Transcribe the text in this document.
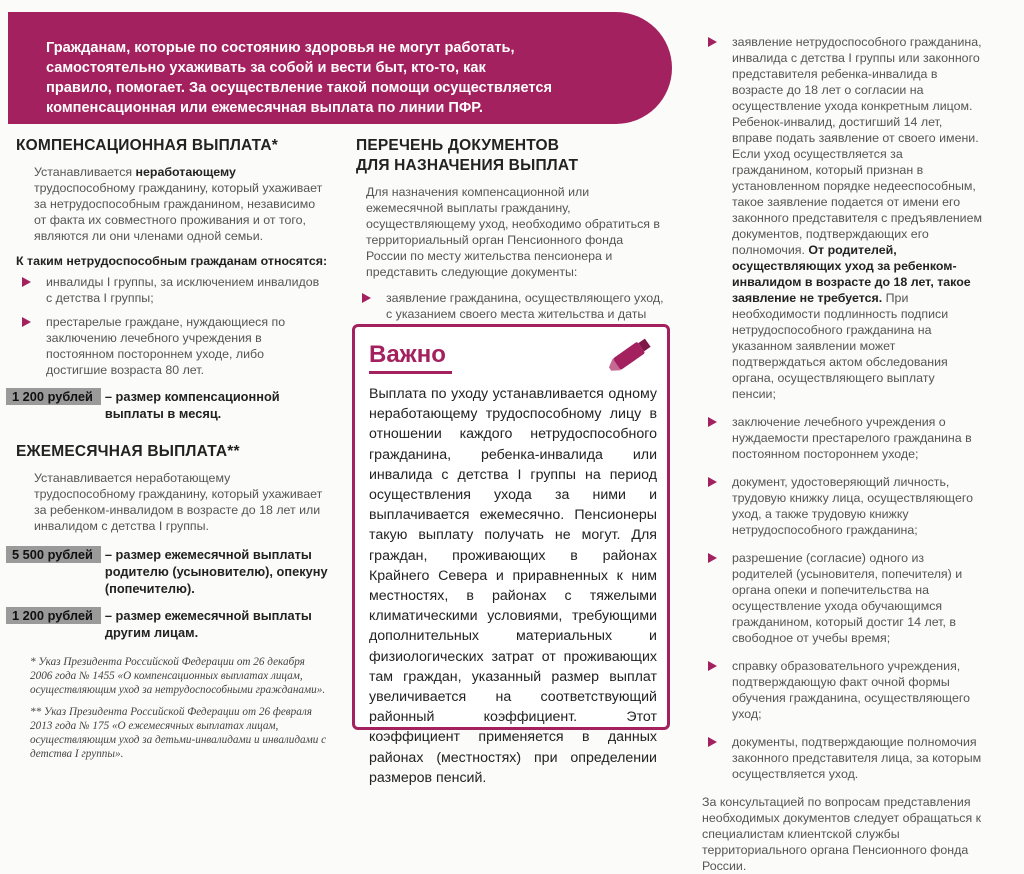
Гражданам, которые по состоянию здоровья не могут работать,
самостоятельно ухаживать за собой и вести быт, кто-то, как
правило, помогает. За осуществление такой помощи осуществляется
компенсационная или ежемесячная выплата по линии ПФР.
КОМПЕНСАЦИОННАЯ ВЫПЛАТА*

Устанавливается неработающему трудоспособному гражданину, который ухаживает за нетрудоспособным гражданином, независимо от факта их совместного проживания и от того, являются ли они членами одной семьи.

К таким нетрудоспособным гражданам относятся:
инвалиды I группы, за исключением инвалидов с детства I группы;
престарелые граждане, нуждающиеся по заключению лечебного учреждения в постоянном постороннем уходе, либо достигшие возраста 80 лет.
1 200 рублей – размер компенсационной выплаты в месяц.
ЕЖЕМЕСЯЧНАЯ ВЫПЛАТА**

Устанавливается неработающему трудоспособному гражданину, который ухаживает за ребенком-инвалидом в возрасте до 18 лет или инвалидом с детства I группы.

5 500 рублей – размер ежемесячной выплаты родителю (усыновителю), опекуну (попечителю).
1 200 рублей – размер ежемесячной выплаты другим лицам.

* Указ Президента Российской Федерации от 26 декабря 2006 года № 1455 «О компенсационных выплатах лицам, осуществляющим уход за нетрудоспособными гражданами».

** Указ Президента Российской Федерации от 26 февраля 2013 года № 175 «О ежемесячных выплатах лицам, осуществляющим уход за детьми-инвалидами и инвалидами с детства I группы».

ПЕРЕЧЕНЬ ДОКУМЕНТОВ
ДЛЯ НАЗНАЧЕНИЯ ВЫПЛАТ

Для назначения компенсационной или ежемесячной выплаты гражданину, осуществляющему уход, необходимо обратиться в территориальный орган Пенсионного фонда России по месту жительства пенсионера и представить следующие документы:

заявление гражданина, осуществляющего уход, с указанием своего места жительства и даты
Важно
Выплата по уходу устанавливается одному неработающему трудоспособному лицу в отношении каждого нетрудоспособного гражданина, ребенка-инвалида или инвалида с детства I группы на период осуществления ухода за ними и выплачивается ежемесячно. Пенсионеры такую выплату получать не могут. Для граждан, проживающих в районах Крайнего Севера и приравненных к ним местностях, в районах с тяжелыми климатическими условиями, требующими дополнительных материальных и физиологических затрат от проживающих там граждан, указанный размер выплат увеличивается на соответствующий районный коэффициент. Этот коэффициент применяется в данных районах (местностях) при определении размеров пенсий.
заявление нетрудоспособного гражданина, инвалида с детства I группы или законного представителя ребенка-инвалида в возрасте до 18 лет о согласии на осуществление ухода конкретным лицом. Ребенок-инвалид, достигший 14 лет, вправе подать заявление от своего имени. Если уход осуществляется за гражданином, который признан в установленном порядке недееспособным, такое заявление подается от имени его законного представителя с предъявлением документов, подтверждающих его полномочия. От родителей, осуществляющих уход за ребенком-инвалидом в возрасте до 18 лет, такое заявление не требуется. При необходимости подлинность подписи нетрудоспособного гражданина на указанном заявлении может подтверждаться актом обследования органа, осуществляющего выплату пенсии;
заключение лечебного учреждения о нуждаемости престарелого гражданина в постоянном постороннем уходе;
документ, удостоверяющий личность, трудовую книжку лица, осуществляющего уход, а также трудовую книжку нетрудоспособного гражданина;
разрешение (согласие) одного из родителей (усыновителя, попечителя) и органа опеки и попечительства на осуществление ухода обучающимся гражданином, который достиг 14 лет, в свободное от учебы время;
справку образовательного учреждения, подтверждающую факт очной формы обучения гражданина, осуществляющего уход;
документы, подтверждающие полномочия законного представителя лица, за которым осуществляется уход.
За консультацией по вопросам представления необходимых документов следует обращаться к специалистам клиентской службы территориального органа Пенсионного фонда России.
